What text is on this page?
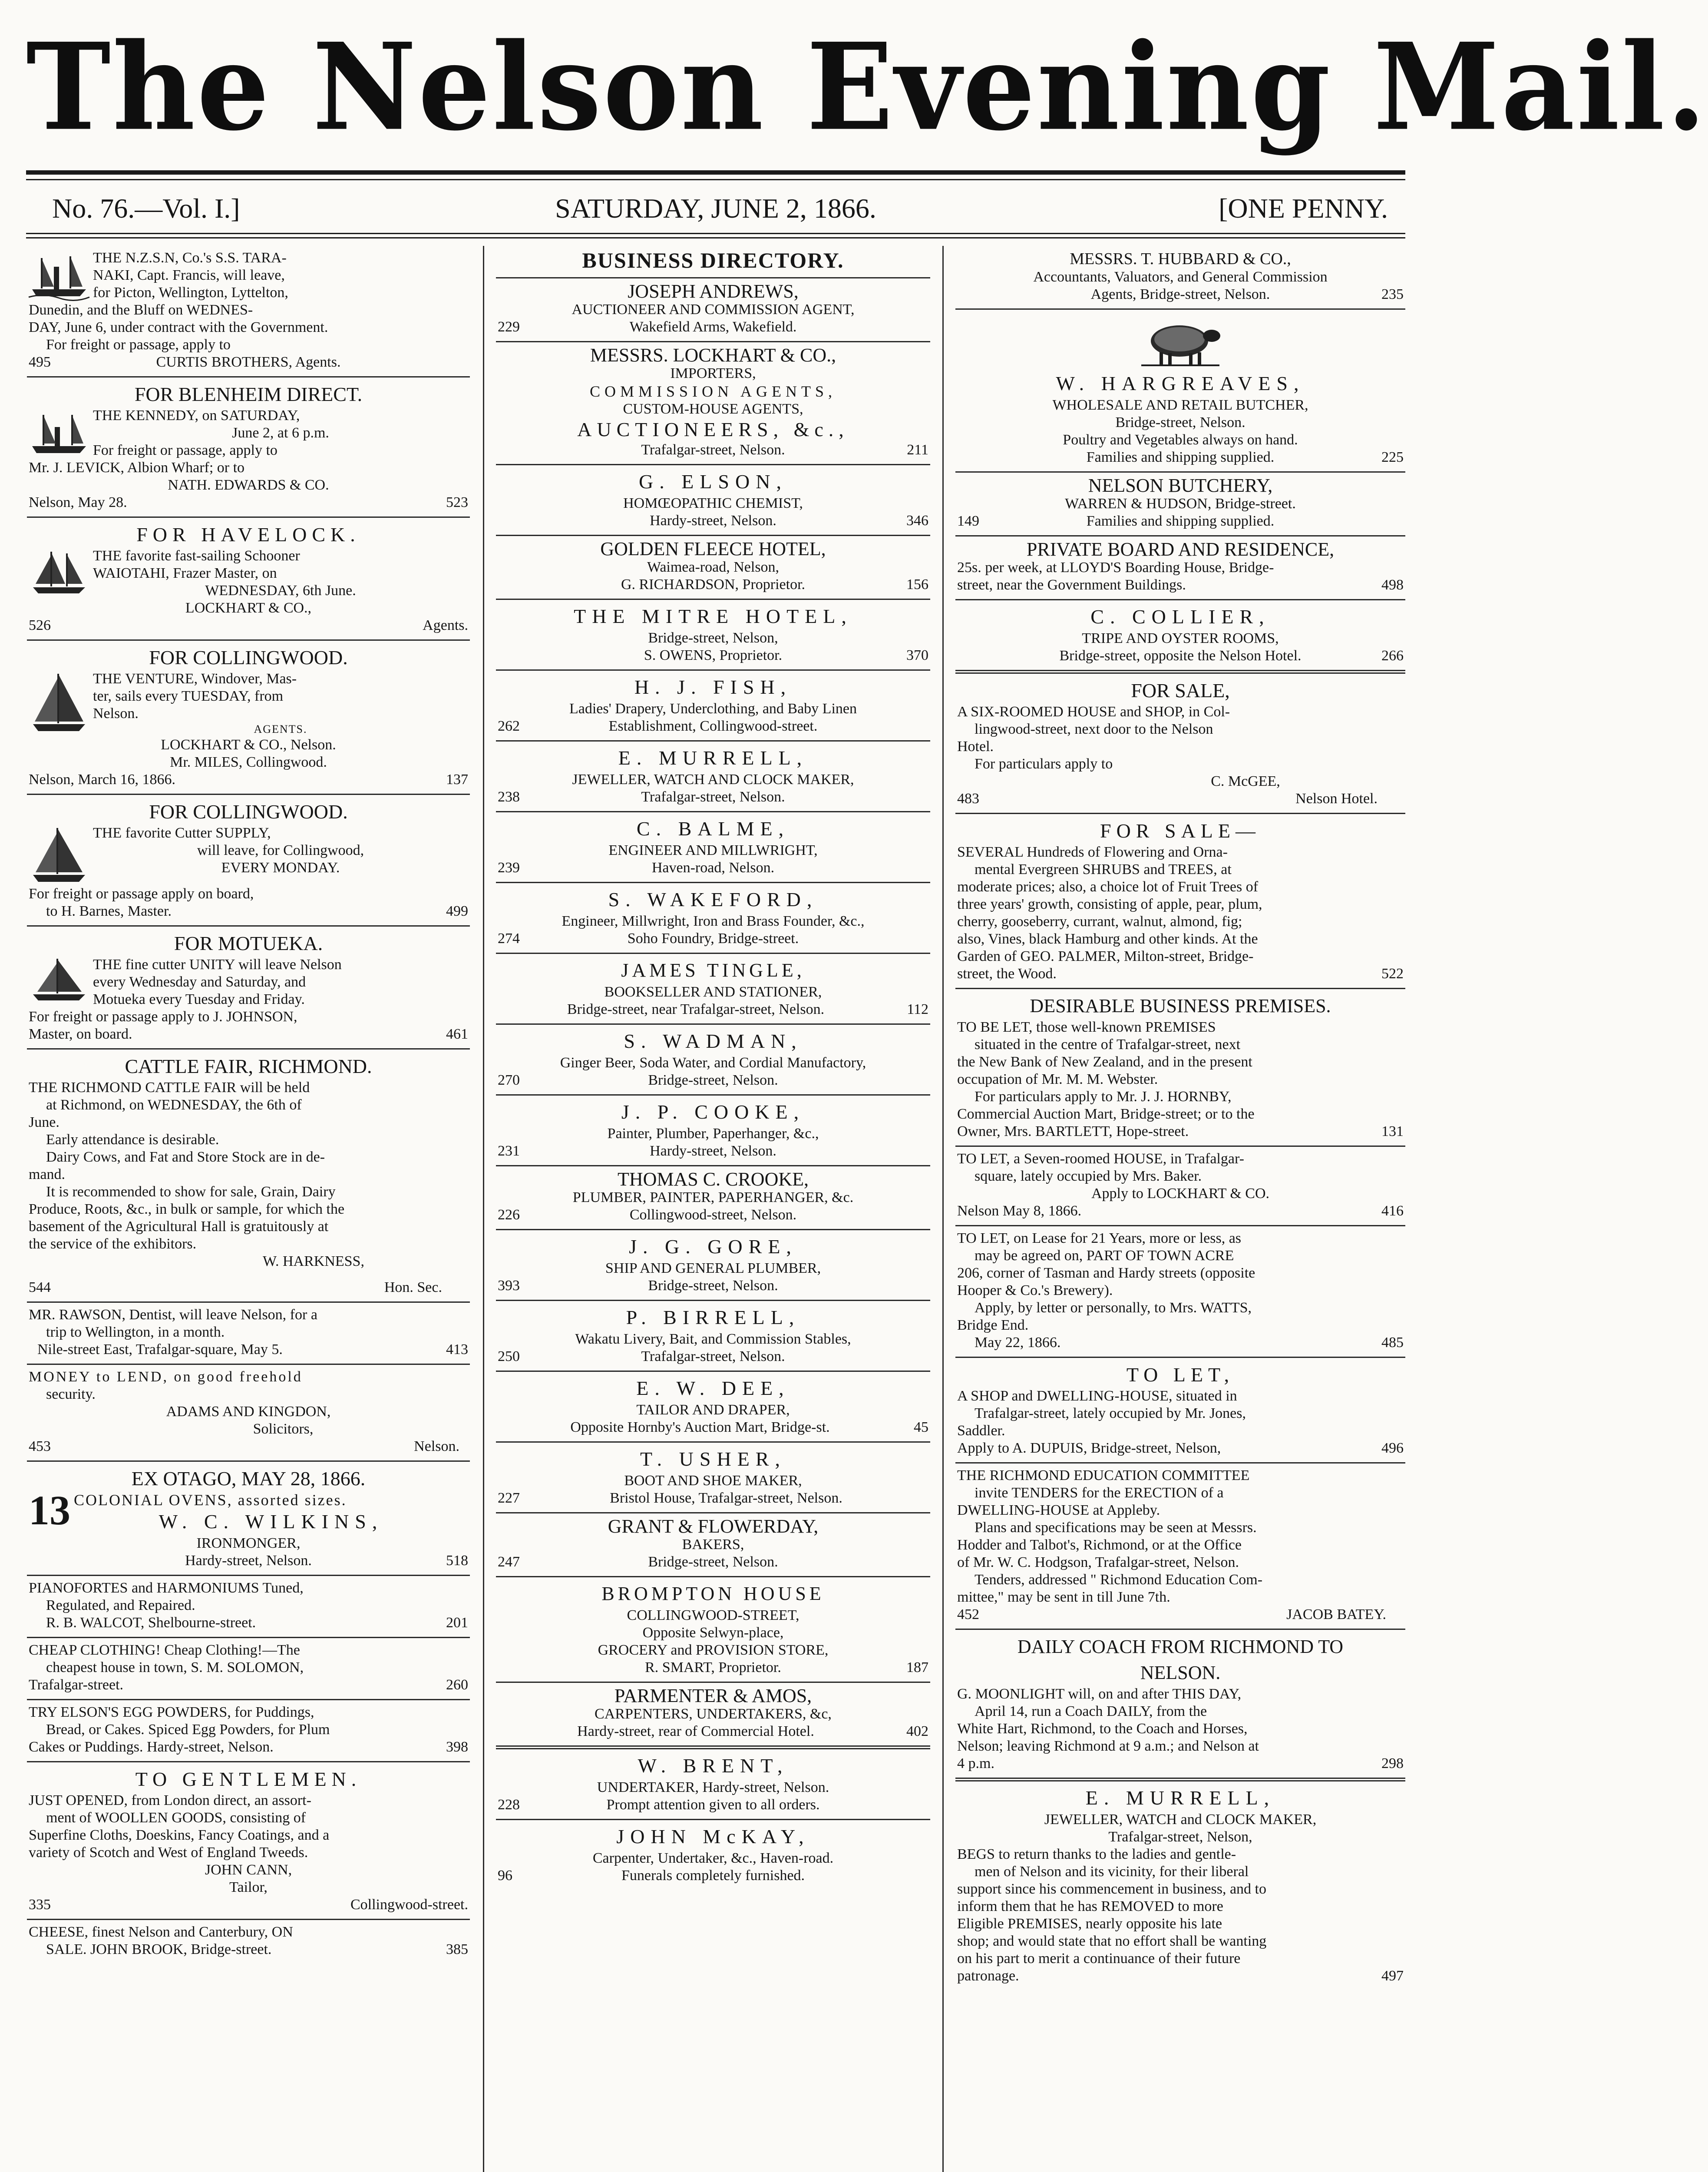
The Nelson Evening Mail.
No. 76.—Vol. I.]	SATURDAY, JUNE 2, 1866.	[ONE PENNY.
THE N.Z.S.N, Co.'s S.S. TARA-
NAKI, Capt. Francis, will leave,
for Picton, Wellington, Lyttelton,
Dunedin, and the Bluff on WEDNES-
DAY, June 6, under contract with the Government.
For freight or passage, apply to
495	CURTIS BROTHERS, Agents.
FOR BLENHEIM DIRECT.
THE KENNEDY, on SATURDAY,
June 2, at 6 p.m.
For freight or passage, apply to
Mr. J. LEVICK, Albion Wharf; or to
NATH. EDWARDS & CO.
Nelson, May 28.	523
FOR HAVELOCK.
THE favorite fast-sailing Schooner
WAIOTAHI, Frazer Master, on
WEDNESDAY, 6th June.
LOCKHART & CO.,
526	Agents.
FOR COLLINGWOOD.
THE VENTURE, Windover, Mas-
ter, sails every TUESDAY, from
Nelson.
AGENTS.
LOCKHART & CO., Nelson.
Mr. MILES, Collingwood.
Nelson, March 16, 1866.	137
FOR COLLINGWOOD.
THE favorite Cutter SUPPLY,
will leave, for Collingwood,
EVERY MONDAY.
For freight or passage apply on board,
to H. Barnes, Master.	499
FOR MOTUEKA.
THE fine cutter UNITY will leave Nelson
every Wednesday and Saturday, and
Motueka every Tuesday and Friday.
For freight or passage apply to J. JOHNSON,
Master, on board.	461
CATTLE FAIR, RICHMOND.
THE RICHMOND CATTLE FAIR will be held
at Richmond, on WEDNESDAY, the 6th of
June.
Early attendance is desirable.
Dairy Cows, and Fat and Store Stock are in de-
mand.
It is recommended to show for sale, Grain, Dairy
Produce, Roots, &c., in bulk or sample, for which the
basement of the Agricultural Hall is gratuitously at
the service of the exhibitors.
W. HARKNESS,
544	Hon. Sec.
MR. RAWSON, Dentist, will leave Nelson, for a
trip to Wellington, in a month.
Nile-street East, Trafalgar-square, May 5.	413
MONEY to LEND, on good freehold
security.
ADAMS AND KINGDON,
Solicitors,
453	Nelson.
EX OTAGO, MAY 28, 1866.
13 COLONIAL OVENS, assorted sizes.
W. C. WILKINS,
IRONMONGER,
Hardy-street, Nelson.	518
PIANOFORTES and HARMONIUMS Tuned,
Regulated, and Repaired.
R. B. WALCOT, Shelbourne-street.	201
CHEAP CLOTHING! Cheap Clothing!—The
cheapest house in town, S. M. SOLOMON,
Trafalgar-street.	260
TRY ELSON'S EGG POWDERS, for Puddings,
Bread, or Cakes. Spiced Egg Powders, for Plum
Cakes or Puddings. Hardy-street, Nelson.	398
TO GENTLEMEN.
JUST OPENED, from London direct, an assort-
ment of WOOLLEN GOODS, consisting of
Superfine Cloths, Doeskins, Fancy Coatings, and a
variety of Scotch and West of England Tweeds.
JOHN CANN,
Tailor,
335	Collingwood-street.
CHEESE, finest Nelson and Canterbury, ON
SALE. JOHN BROOK, Bridge-street.	385
BUSINESS DIRECTORY.
JOSEPH ANDREWS,
AUCTIONEER AND COMMISSION AGENT,
229	Wakefield Arms, Wakefield.
MESSRS. LOCKHART & CO.,
IMPORTERS,
COMMISSION AGENTS,
CUSTOM-HOUSE AGENTS,
AUCTIONEERS, &c.,
Trafalgar-street, Nelson.	211
G. ELSON,
HOMŒOPATHIC CHEMIST,
Hardy-street, Nelson.	346
GOLDEN FLEECE HOTEL,
Waimea-road, Nelson,
G. RICHARDSON, Proprietor.	156
THE MITRE HOTEL,
Bridge-street, Nelson,
S. OWENS, Proprietor.	370
H. J. FISH,
Ladies' Drapery, Underclothing, and Baby Linen
262	Establishment, Collingwood-street.
E. MURRELL,
JEWELLER, WATCH AND CLOCK MAKER,
238	Trafalgar-street, Nelson.
C. BALME,
ENGINEER AND MILLWRIGHT,
239	Haven-road, Nelson.
S. WAKEFORD,
Engineer, Millwright, Iron and Brass Founder, &c.,
274	Soho Foundry, Bridge-street.
JAMES TINGLE,
BOOKSELLER AND STATIONER,
Bridge-street, near Trafalgar-street, Nelson.	112
S. WADMAN,
Ginger Beer, Soda Water, and Cordial Manufactory,
270	Bridge-street, Nelson.
J. P. COOKE,
Painter, Plumber, Paperhanger, &c.,
231	Hardy-street, Nelson.
THOMAS C. CROOKE,
PLUMBER, PAINTER, PAPERHANGER, &c.
226	Collingwood-street, Nelson.
J. G. GORE,
SHIP AND GENERAL PLUMBER,
393	Bridge-street, Nelson.
P. BIRRELL,
Wakatu Livery, Bait, and Commission Stables,
250	Trafalgar-street, Nelson.
E. W. DEE,
TAILOR AND DRAPER,
Opposite Hornby's Auction Mart, Bridge-st.	45
T. USHER,
BOOT AND SHOE MAKER,
227	Bristol House, Trafalgar-street, Nelson.
GRANT & FLOWERDAY,
BAKERS,
247	Bridge-street, Nelson.
BROMPTON HOUSE
COLLINGWOOD-STREET,
Opposite Selwyn-place,
GROCERY and PROVISION STORE,
R. SMART, Proprietor.	187
PARMENTER & AMOS,
CARPENTERS, UNDERTAKERS, &c,
Hardy-street, rear of Commercial Hotel.	402
W. BRENT,
UNDERTAKER, Hardy-street, Nelson.
228	Prompt attention given to all orders.
JOHN McKAY,
Carpenter, Undertaker, &c., Haven-road.
96	Funerals completely furnished.
MESSRS. T. HUBBARD & CO.,
Accountants, Valuators, and General Commission
Agents, Bridge-street, Nelson.	235
W. HARGREAVES,
WHOLESALE AND RETAIL BUTCHER,
Bridge-street, Nelson.
Poultry and Vegetables always on hand.
Families and shipping supplied.	225
NELSON BUTCHERY,
WARREN & HUDSON, Bridge-street.
149	Families and shipping supplied.
PRIVATE BOARD AND RESIDENCE,
25s. per week, at LLOYD'S Boarding House, Bridge-
street, near the Government Buildings.	498
C. COLLIER,
TRIPE AND OYSTER ROOMS,
Bridge-street, opposite the Nelson Hotel.	266
FOR SALE,
A SIX-ROOMED HOUSE and SHOP, in Col-
lingwood-street, next door to the Nelson
Hotel.
For particulars apply to
C. McGEE,
483	Nelson Hotel.
FOR SALE—
SEVERAL Hundreds of Flowering and Orna-
mental Evergreen SHRUBS and TREES, at
moderate prices; also, a choice lot of Fruit Trees of
three years' growth, consisting of apple, pear, plum,
cherry, gooseberry, currant, walnut, almond, fig;
also, Vines, black Hamburg and other kinds. At the
Garden of GEO. PALMER, Milton-street, Bridge-
street, the Wood.	522
DESIRABLE BUSINESS PREMISES.
TO BE LET, those well-known PREMISES
situated in the centre of Trafalgar-street, next
the New Bank of New Zealand, and in the present
occupation of Mr. M. M. Webster.
For particulars apply to Mr. J. J. HORNBY,
Commercial Auction Mart, Bridge-street; or to the
Owner, Mrs. BARTLETT, Hope-street.	131
TO LET, a Seven-roomed HOUSE, in Trafalgar-
square, lately occupied by Mrs. Baker.
Apply to LOCKHART & CO.
Nelson May 8, 1866.	416
TO LET, on Lease for 21 Years, more or less, as
may be agreed on, PART OF TOWN ACRE
206, corner of Tasman and Hardy streets (opposite
Hooper & Co.'s Brewery).
Apply, by letter or personally, to Mrs. WATTS,
Bridge End.
May 22, 1866.	485
TO LET,
A SHOP and DWELLING-HOUSE, situated in
Trafalgar-street, lately occupied by Mr. Jones,
Saddler.
Apply to A. DUPUIS, Bridge-street, Nelson,	496
THE RICHMOND EDUCATION COMMITTEE
invite TENDERS for the ERECTION of a
DWELLING-HOUSE at Appleby.
Plans and specifications may be seen at Messrs.
Hodder and Talbot's, Richmond, or at the Office
of Mr. W. C. Hodgson, Trafalgar-street, Nelson.
Tenders, addressed " Richmond Education Com-
mittee," may be sent in till June 7th.
452	JACOB BATEY.
DAILY COACH FROM RICHMOND TO
NELSON.
G. MOONLIGHT will, on and after THIS DAY,
April 14, run a Coach DAILY, from the
White Hart, Richmond, to the Coach and Horses,
Nelson; leaving Richmond at 9 a.m.; and Nelson at
4 p.m.	298
E. MURRELL,
JEWELLER, WATCH and CLOCK MAKER,
Trafalgar-street, Nelson,
BEGS to return thanks to the ladies and gentle-
men of Nelson and its vicinity, for their liberal
support since his commencement in business, and to
inform them that he has REMOVED to more
Eligible PREMISES, nearly opposite his late
shop; and would state that no effort shall be wanting
on his part to merit a continuance of their future
patronage.	497
